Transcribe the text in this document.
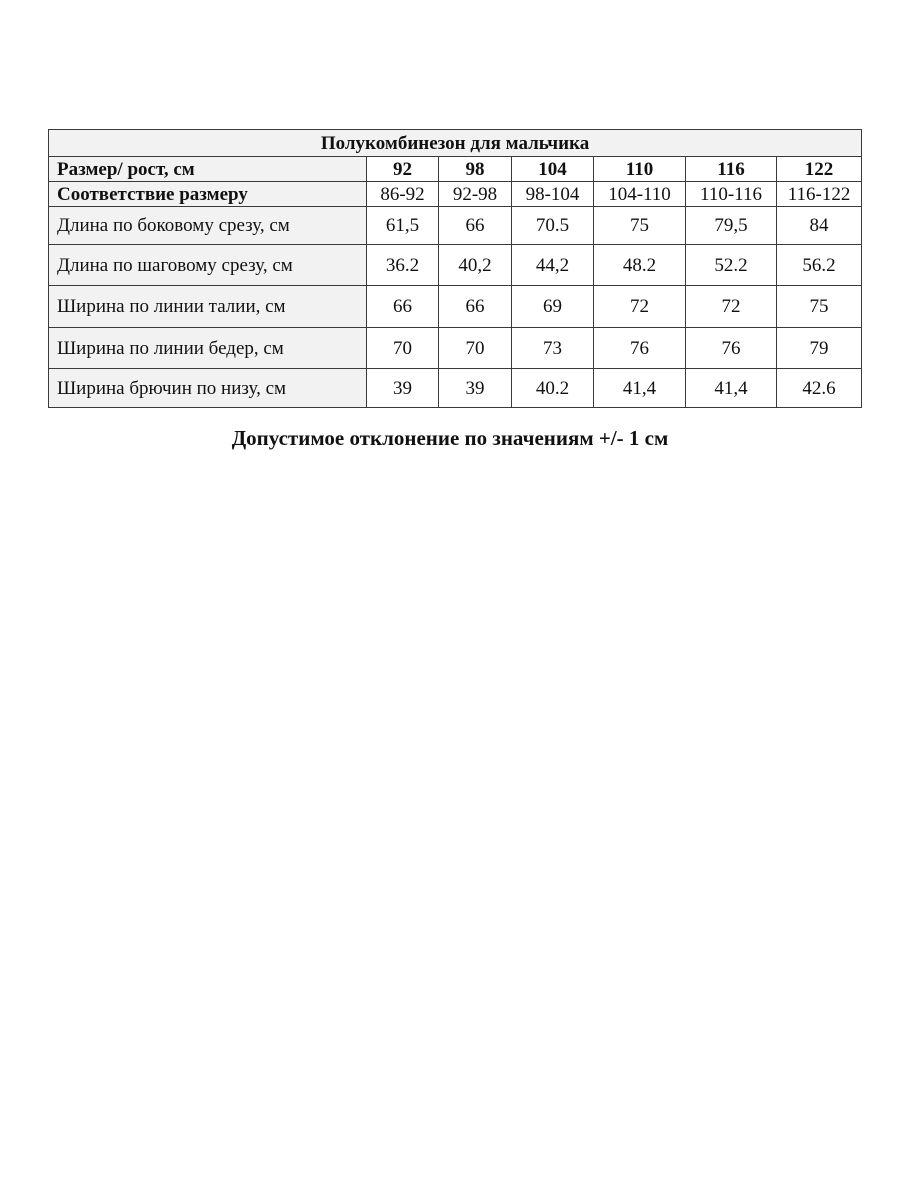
Полукомбинезон для мальчика						
Размер/ рост, см	92	98	104	110	116	122
Соответствие размеру	86-92	92-98	98-104	104-110	110-116	116-122
Длина по боковому срезу, см	61,5	66	70.5	75	79,5	84
Длина по шаговому срезу, см	36.2	40,2	44,2	48.2	52.2	56.2
Ширина по линии талии, см	66	66	69	72	72	75
Ширина по линии бедер, см	70	70	73	76	76	79
Ширина брючин по низу, см	39	39	40.2	41,4	41,4	42.6
Допустимое отклонение по значениям +/- 1 см
